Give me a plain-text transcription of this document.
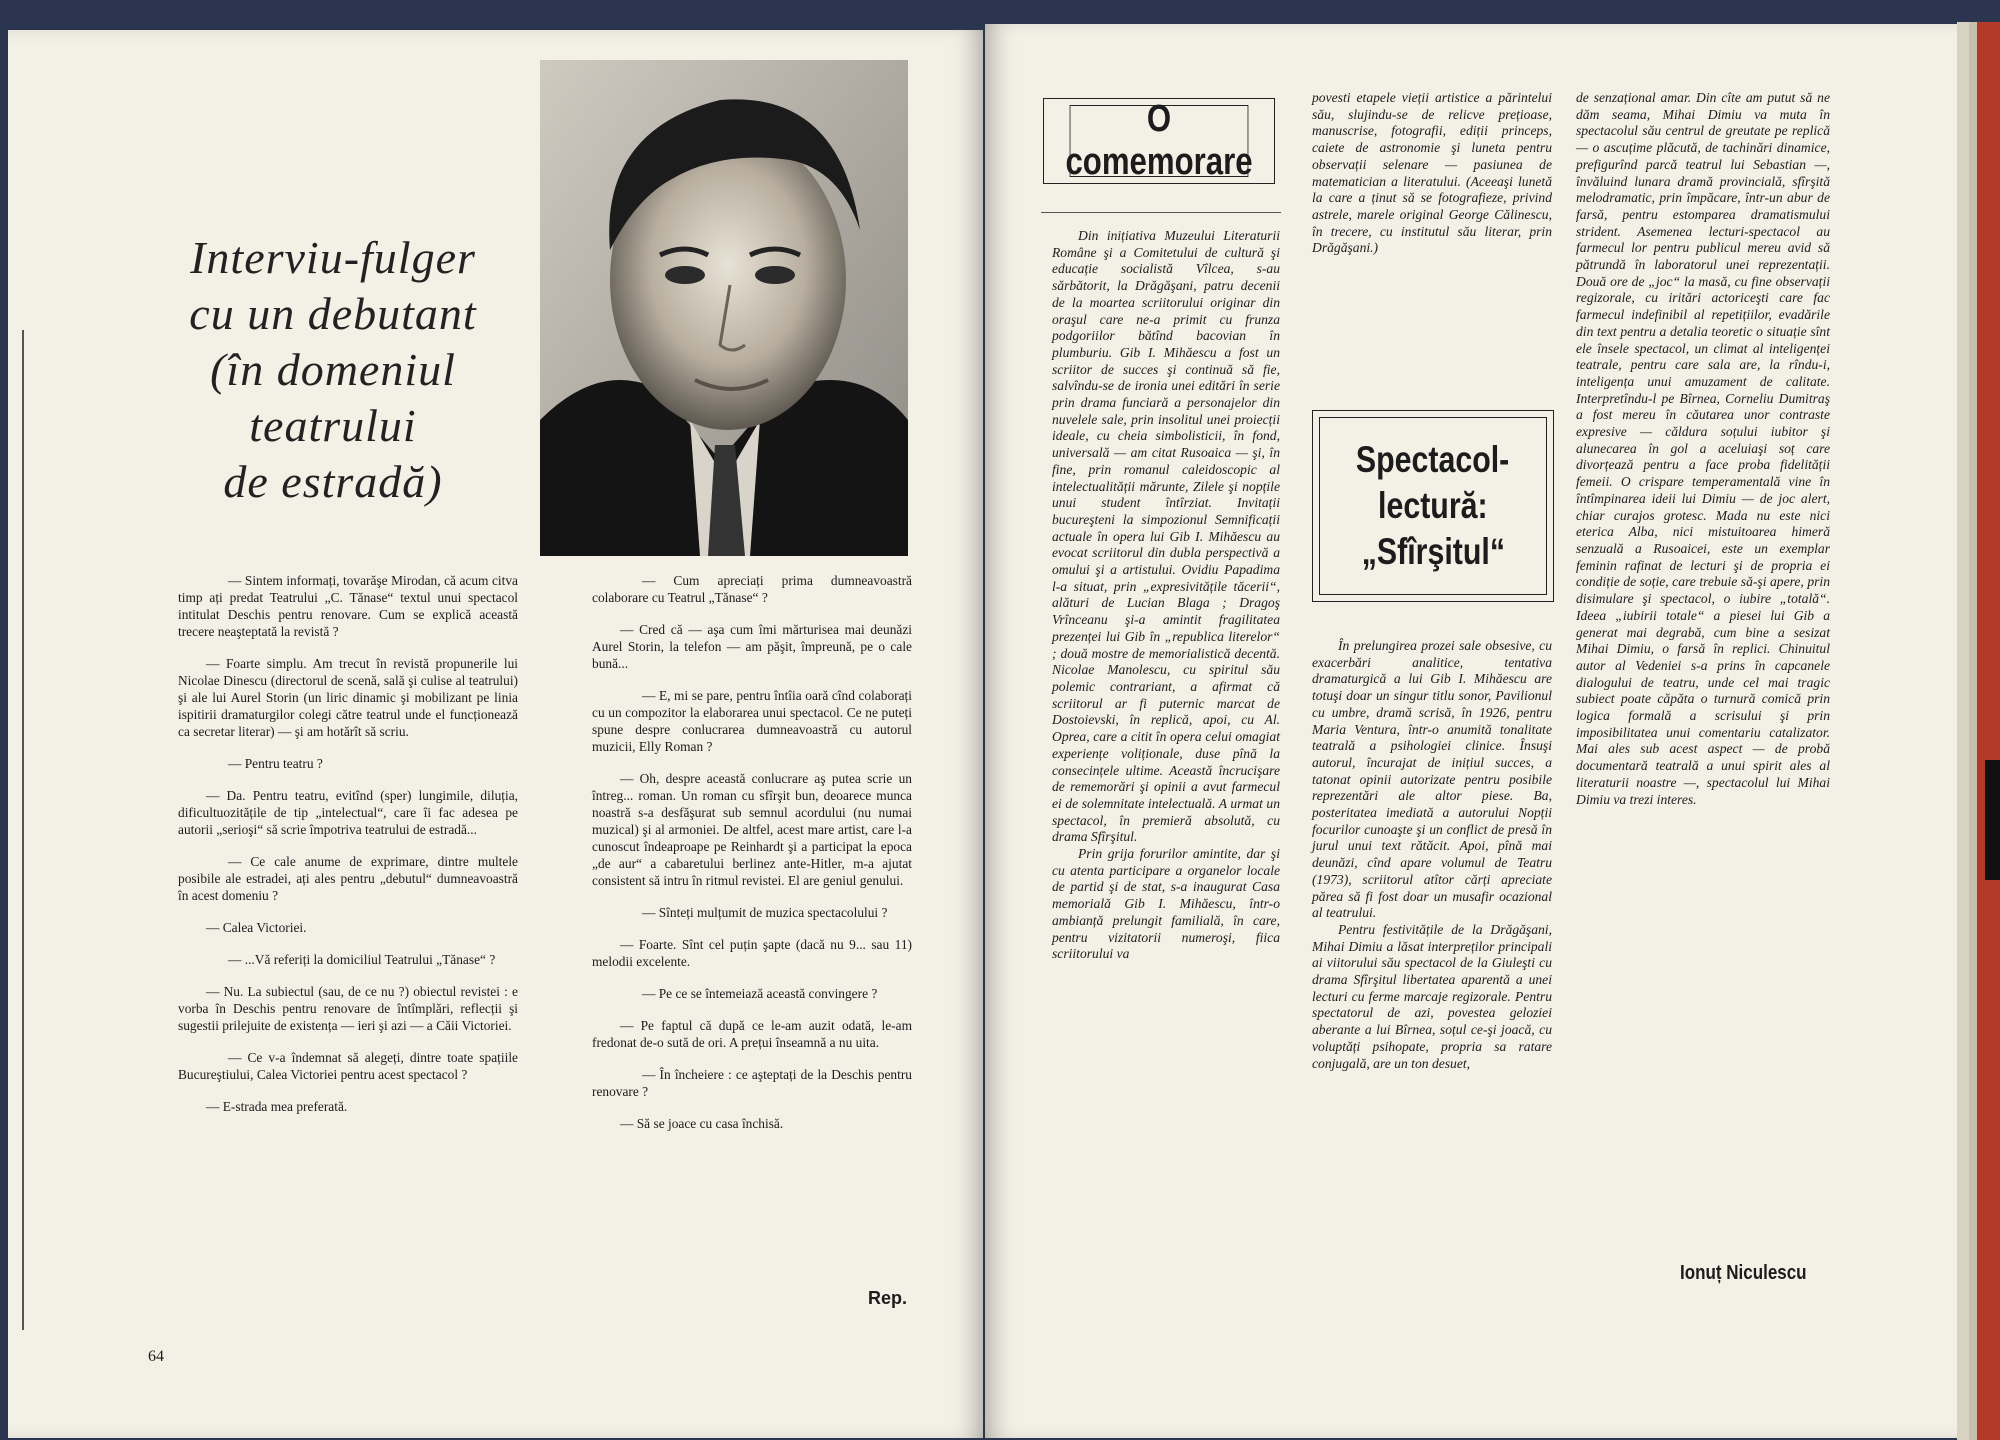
Interviu-fulger
cu un debutant
(în domeniul
teatrului
de estradă)

— Sintem informați, tovarăşe Mirodan, că acum citva timp ați predat Teatrului „C. Tănase“ textul unui spectacol intitulat Deschis pentru renovare. Cum se explică această trecere neaşteptată la revistă ?

— Foarte simplu. Am trecut în revistă propunerile lui Nicolae Dinescu (directorul de scenă, sală şi culise al teatrului) şi ale lui Aurel Storin (un liric dinamic şi mobilizant pe linia ispitirii dramaturgilor colegi către teatrul unde el funcționează ca secretar literar) — şi am hotărît să scriu.

— Pentru teatru ?

— Da. Pentru teatru, evitînd (sper) lungimile, diluția, dificultuozitățile de tip „intelectual“, care îi fac adesea pe autorii „serioşi“ să scrie împotriva teatrului de estradă...

— Ce cale anume de exprimare, dintre multele posibile ale estradei, ați ales pentru „debutul“ dumneavoastră în acest domeniu ?

— Calea Victoriei.

— ...Vă referiți la domiciliul Teatrului „Tănase“ ?

— Nu. La subiectul (sau, de ce nu ?) obiectul revistei : e vorba în Deschis pentru renovare de întîmplări, reflecții şi sugestii prilejuite de existența — ieri şi azi — a Căii Victoriei.

— Ce v-a îndemnat să alegeți, dintre toate spațiile Bucureştiului, Calea Victoriei pentru acest spectacol ?

— E-strada mea preferată.

— Cum apreciați prima dumneavoastră colaborare cu Teatrul „Tănase“ ?

— Cred că — aşa cum îmi mărturisea mai deunăzi Aurel Storin, la telefon — am păşit, împreună, pe o cale bună...

— E, mi se pare, pentru întîia oară cînd colaborați cu un compozitor la elaborarea unui spectacol. Ce ne puteți spune despre conlucrarea dumneavoastră cu autorul muzicii, Elly Roman ?

— Oh, despre această conlucrare aş putea scrie un întreg... roman. Un roman cu sfîrşit bun, deoarece munca noastră s-a desfăşurat sub semnul acordului (nu numai muzical) şi al armoniei. De altfel, acest mare artist, care l-a cunoscut îndeaproape pe Reinhardt şi a participat la epoca „de aur“ a cabaretului berlinez ante-Hitler, m-a ajutat consistent să intru în ritmul revistei. El are geniul genului.

— Sînteți mulțumit de muzica spectacolului ?

— Foarte. Sînt cel puțin şapte (dacă nu 9... sau 11) melodii excelente.

— Pe ce se întemeiază această convingere ?

— Pe faptul că după ce le-am auzit odată, le-am fredonat de-o sută de ori. A prețui înseamnă a nu uita.

— În încheiere : ce aşteptați de la Deschis pentru renovare ?

— Să se joace cu casa închisă.

Rep.
64
O comemorare
Spectacol-
lectură:
„Sfîrşitul“

Din inițiativa Muzeului Literaturii Române şi a Comitetului de cultură şi educație socialistă Vîlcea, s-au sărbătorit, la Drăgăşani, patru decenii de la moartea scriitorului originar din oraşul care ne-a primit cu frunza podgoriilor bătînd bacovian în plumburiu. Gib I. Mihăescu a fost un scriitor de succes şi continuă să fie, salvîndu-se de ironia unei editări în serie prin drama funciară a personajelor din nuvelele sale, prin insolitul unei proiecții ideale, cu cheia simbolisticii, în fond, universală — am citat Rusoaica — şi, în fine, prin romanul caleidoscopic al intelectualității mărunte, Zilele şi nopțile unui student întîrziat. Invitații bucureşteni la simpozionul Semnificații actuale în opera lui Gib I. Mihăescu au evocat scriitorul din dubla perspectivă a omului şi a artistului. Ovidiu Papadima l-a situat, prin „expresivitățile tăcerii“, alături de Lucian Blaga ; Dragoş Vrînceanu şi-a amintit fragilitatea prezenței lui Gib în „republica literelor“ ; două mostre de memorialistică decentă. Nicolae Manolescu, cu spiritul său polemic contrariant, a afirmat că scriitorul ar fi puternic marcat de Dostoievski, în replică, apoi, cu Al. Oprea, care a citit în opera celui omagiat experiențe voliționale, duse pînă la consecințele ultime. Această încrucişare de rememorări şi opinii a avut farmecul ei de solemnitate intelectuală. A urmat un spectacol, în premieră absolută, cu drama Sfîrşitul.

Prin grija forurilor amintite, dar şi cu atenta participare a organelor locale de partid şi de stat, s-a inaugurat Casa memorială Gib I. Mihăescu, într-o ambianță prelungit familială, în care, pentru vizitatorii numeroşi, fiica scriitorului va

povesti etapele vieții artistice a părintelui său, slujindu-se de relicve prețioase, manuscrise, fotografii, ediții princeps, caiete de astronomie şi luneta pentru observații selenare — pasiunea de matematician a literatului. (Aceeaşi lunetă la care a ținut să se fotografieze, privind astrele, marele original George Călinescu, în trecere, cu institutul său literar, prin Drăgăşani.)

În prelungirea prozei sale obsesive, cu exacerbări analitice, tentativa dramaturgică a lui Gib I. Mihăescu are totuşi doar un singur titlu sonor, Pavilionul cu umbre, dramă scrisă, în 1926, pentru Maria Ventura, într-o anumită tonalitate teatrală a psihologiei clinice. Însuşi autorul, încurajat de inițiul succes, a tatonat opinii autorizate pentru posibile reprezentări ale altor piese. Ba, posteritatea imediată a autorului Nopții focurilor cunoaşte şi un conflict de presă în jurul unui text rătăcit. Apoi, pînă mai deunăzi, cînd apare volumul de Teatru (1973), scriitorul atîtor cărți apreciate părea să fi fost doar un musafir ocazional al teatrului.

Pentru festivitățile de la Drăgăşani, Mihai Dimiu a lăsat interpreților principali ai viitorului său spectacol de la Giuleşti cu drama Sfîrşitul libertatea aparentă a unei lecturi cu ferme marcaje regizorale. Pentru spectatorul de azi, povestea geloziei aberante a lui Bîrnea, soțul ce-şi joacă, cu voluptăți psihopate, propria sa ratare conjugală, are un ton desuet,

de senzațional amar. Din cîte am putut să ne dăm seama, Mihai Dimiu va muta în spectacolul său centrul de greutate pe replică — o ascuțime plăcută, de tachinări dinamice, prefigurînd parcă teatrul lui Sebastian —, învăluind lunara dramă provincială, sfîrşită melodramatic, prin împăcare, într-un abur de farsă, pentru estomparea dramatismului strident. Asemenea lecturi-spectacol au farmecul lor pentru publicul mereu avid să pătrundă în laboratorul unei reprezentații. Două ore de „joc“ la masă, cu fine observații regizorale, cu iritări actoriceşti care fac farmecul indefinibil al repetițiilor, evadările din text pentru a detalia teoretic o situație sînt ele însele spectacol, un climat al inteligenței teatrale, pentru care sala are, la rîndu-i, inteligența unui amuzament de calitate. Interpretîndu-l pe Bîrnea, Corneliu Dumitraş a fost mereu în căutarea unor contraste expresive — căldura soțului iubitor şi alunecarea în gol a aceluiaşi soț care divorțează pentru a face proba fidelității femeii. O crispare temperamentală vine în întîmpinarea ideii lui Dimiu — de joc alert, chiar curajos grotesc. Mada nu este nici eterica Alba, nici mistuitoarea himeră senzuală a Rusoaicei, este un exemplar feminin rafinat de lecturi şi de propria ei condiție de soție, care trebuie să-şi apere, prin disimulare şi spectacol, o iubire „totală“. Ideea „iubirii totale“ a piesei lui Gib a generat mai degrabă, cum bine a sesizat Mihai Dimiu, o farsă în replici. Chinuitul autor al Vedeniei s-a prins în capcanele dialogului de teatru, unde cel mai tragic subiect poate căpăta o turnură comică prin logica formală a scrisului şi prin imposibilitatea unui comentariu catalizator. Mai ales sub acest aspect — de probă documentară teatrală a unui spirit ales al literaturii noastre —, spectacolul lui Mihai Dimiu va trezi interes.

Ionuț Niculescu
